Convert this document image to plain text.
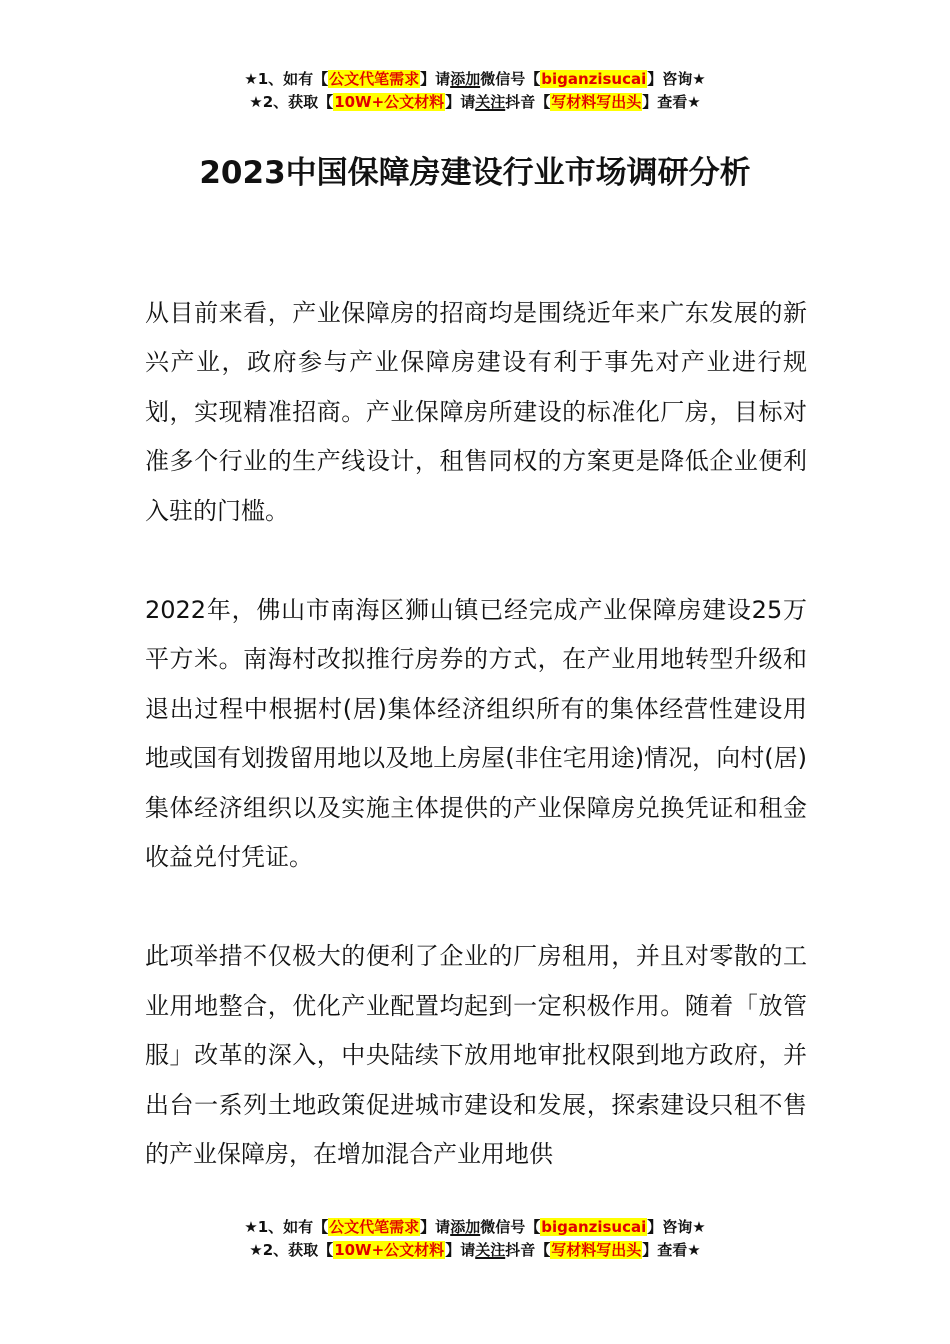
★1、如有【公文代笔需求】请添加微信号【biganzisucai】咨询★
★2、获取【10W+公文材料】请关注抖音【写材料写出头】查看★
2023中国保障房建设行业市场调研分析

从目前来看，产业保障房的招商均是围绕近年来广东发展的新兴产业，政府参与产业保障房建设有利于事先对产业进行规划，实现精准招商。产业保障房所建设的标准化厂房，目标对准多个行业的生产线设计，租售同权的方案更是降低企业便利入驻的门槛。

2022年，佛山市南海区狮山镇已经完成产业保障房建设25万平方米。南海村改拟推行房券的方式，在产业用地转型升级和退出过程中根据村(居)集体经济组织所有的集体经营性建设用地或国有划拨留用地以及地上房屋(非住宅用途)情况，向村(居)集体经济组织以及实施主体提供的产业保障房兑换凭证和租金收益兑付凭证。

此项举措不仅极大的便利了企业的厂房租用，并且对零散的工业用地整合，优化产业配置均起到一定积极作用。随着「放管服」改革的深入，中央陆续下放用地审批权限到地方政府，并出台一系列土地政策促进城市建设和发展，探索建设只租不售的产业保障房，在增加混合产业用地供

★1、如有【公文代笔需求】请添加微信号【biganzisucai】咨询★
★2、获取【10W+公文材料】请关注抖音【写材料写出头】查看★
